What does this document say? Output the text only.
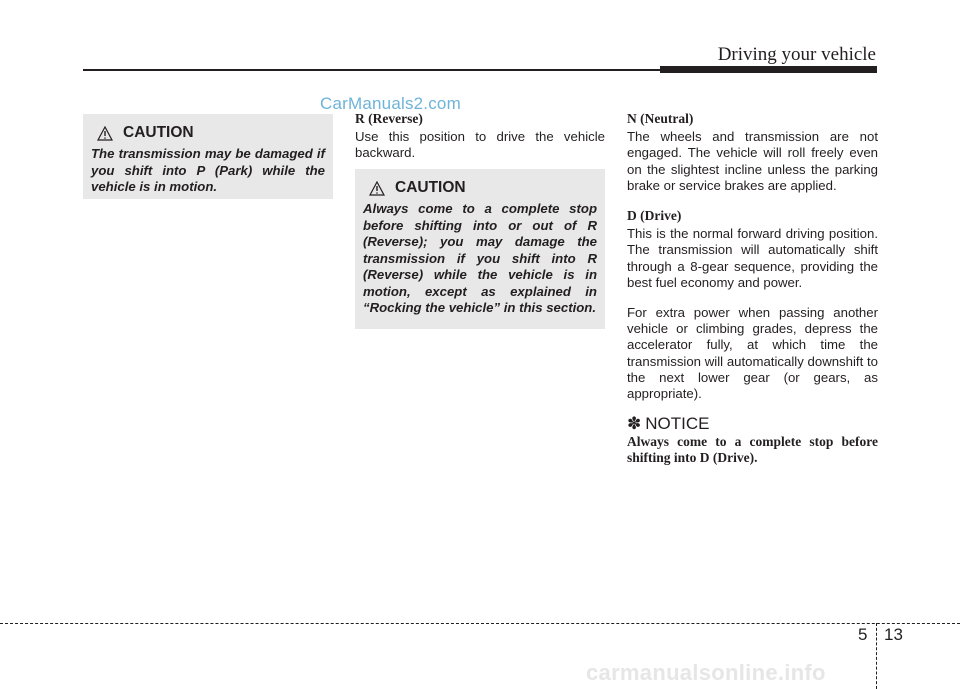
Driving your vehicle
CarManuals2.com
CAUTION
The transmission may be damaged if you shift into P (Park) while the vehicle is in motion.
R (Reverse)
Use this position to drive the vehicle backward.
CAUTION
Always come to a complete stop before shifting into or out of R (Reverse); you may damage the transmission if you shift into R (Reverse) while the vehicle is in motion, except as explained in “Rocking the vehicle” in this section.
N (Neutral)
The wheels and transmission are not engaged. The vehicle will roll freely even on the slightest incline unless the parking brake or service brakes are applied.
D (Drive)
This is the normal forward driving position. The transmission will automatically shift through a 8-gear sequence, providing the best fuel economy and power.
For extra power when passing another vehicle or climbing grades, depress the accelerator fully, at which time the transmission will automatically downshift to the next lower gear (or gears, as appropriate).
✽ NOTICE
Always come to a complete stop before shifting into D (Drive).
5 13
carmanualsonline.info
